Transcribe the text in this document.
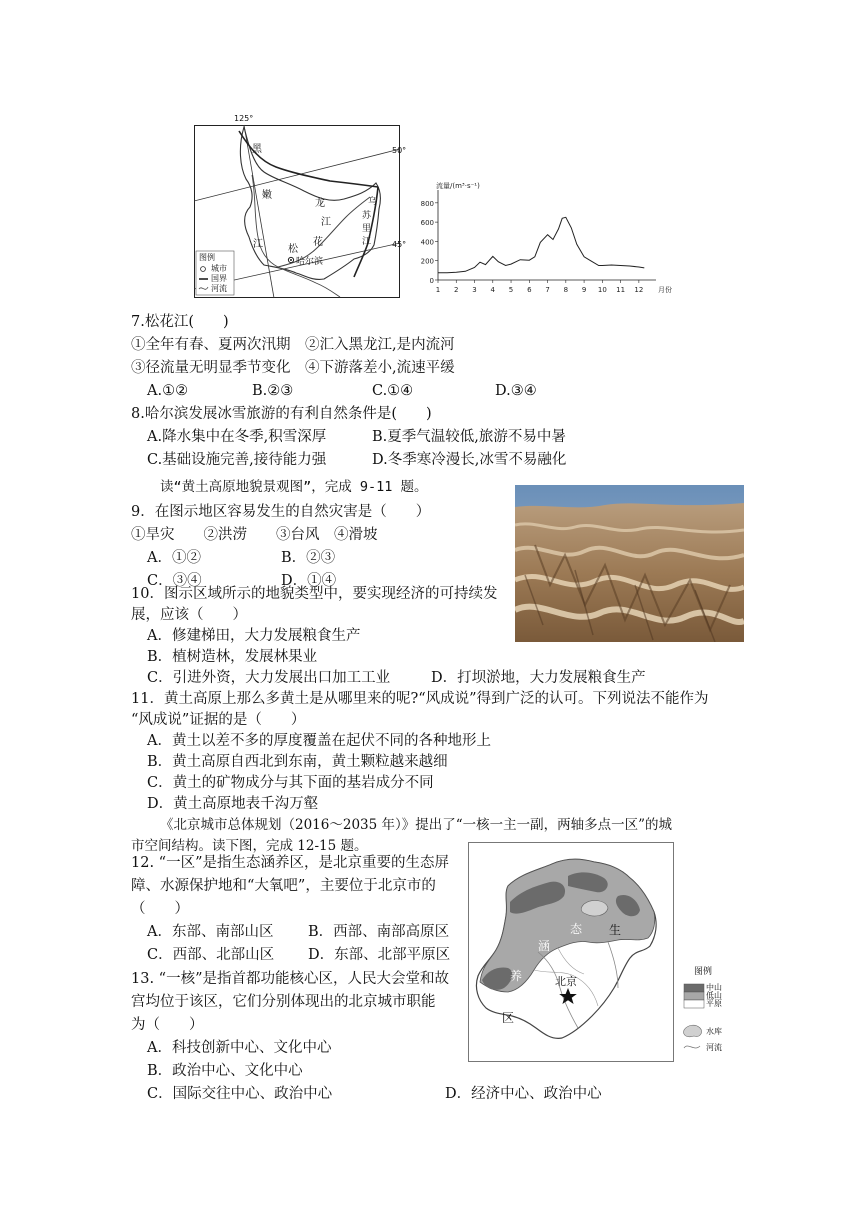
125°
50°
45°
黑
嫩
龙
江
江	花
松
乌
苏
里
江
哈尔滨
图例
城市
国界
河流
0
200
400
600
800
1 2 3 4 5 6 7 8 9 10 11 12
流量/(m³·s⁻¹)
月份
7.松花江(　　)
①全年有春、夏两次汛期　②汇入黑龙江,是内流河
③径流量无明显季节变化　④下游落差小,流速平缓
A.①②	B.②③	C.①④	D.③④
8.哈尔滨发展冰雪旅游的有利自然条件是(　　)
A.降水集中在冬季,积雪深厚	B.夏季气温较低,旅游不易中暑
C.基础设施完善,接待能力强	D.冬季寒冷漫长,冰雪不易融化
读“黄土高原地貌景观图”，完成 9-11 题。
9．在图示地区容易发生的自然灾害是（　　）
①旱灾　　②洪涝　　③台风　④滑坡
A．①②	B．②③
C．③④	D．①④
10．图示区域所示的地貌类型中，要实现经济的可持续发
展，应该（　　）
A．修建梯田，大力发展粮食生产
B．植树造林，发展林果业
C．引进外资，大力发展出口加工工业	D．打坝淤地，大力发展粮食生产
11．黄土高原上那么多黄土是从哪里来的呢?“风成说”得到广泛的认可。下列说法不能作为
“风成说”证据的是（　　）
A．黄土以差不多的厚度覆盖在起伏不同的各种地形上
B．黄土高原自西北到东南，黄土颗粒越来越细
C．黄土的矿物成分与其下面的基岩成分不同
D．黄土高原地表千沟万壑
《北京城市总体规划（2016～2035 年）》提出了“一核一主一副，两轴多点一区”的城
市空间结构。读下图，完成 12-15 题。
态 生
涵
养
区
北京
图例
中山
低山
平原
水库
河流
12. “一区”是指生态涵养区，是北京重要的生态屏
障、水源保护地和“大氧吧”，主要位于北京市的
（　　）
A．东部、南部山区 B．西部、南部高原区
C．西部、北部山区 D．东部、北部平原区
13. “一核”是指首都功能核心区，人民大会堂和故
宫均位于该区，它们分别体现出的北京城市职能
为（　　）
A．科技创新中心、文化中心
B．政治中心、文化中心
C．国际交往中心、政治中心	D．经济中心、政治中心
